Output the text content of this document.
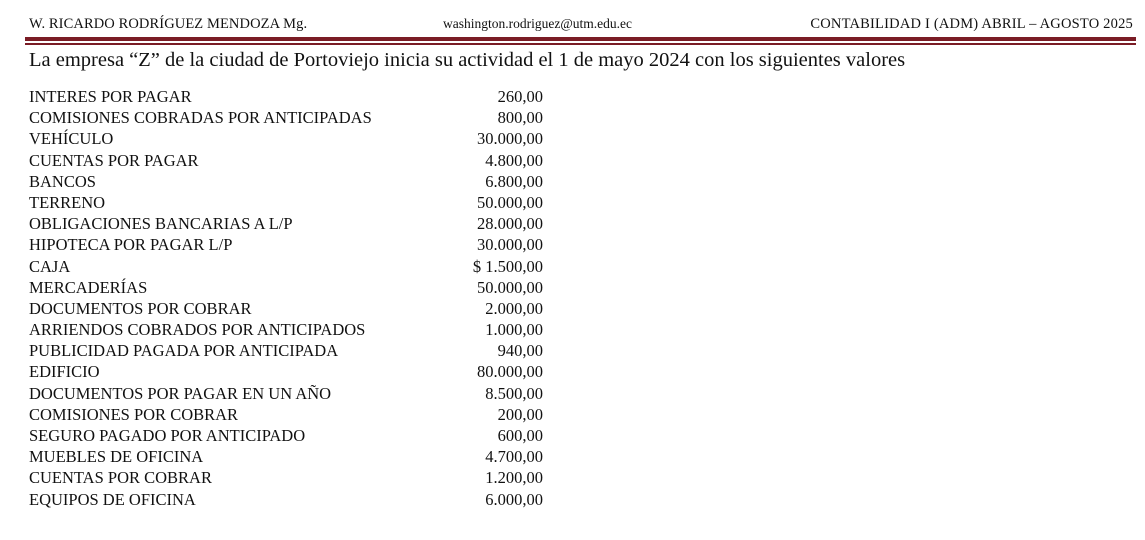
W. RICARDO RODRÍGUEZ MENDOZA Mg.	washington.rodriguez@utm.edu.ec	CONTABILIDAD I (ADM) ABRIL – AGOSTO 2025
La empresa “Z” de la ciudad de Portoviejo inicia su actividad el 1 de mayo 2024 con los siguientes valores
INTERES POR PAGAR	260,00
COMISIONES COBRADAS POR ANTICIPADAS	800,00
VEHÍCULO	30.000,00
CUENTAS POR PAGAR	4.800,00
BANCOS	6.800,00
TERRENO	50.000,00
OBLIGACIONES BANCARIAS A L/P	28.000,00
HIPOTECA POR PAGAR L/P	30.000,00
CAJA	$ 1.500,00
MERCADERÍAS	50.000,00
DOCUMENTOS POR COBRAR	2.000,00
ARRIENDOS COBRADOS POR ANTICIPADOS	1.000,00
PUBLICIDAD PAGADA POR ANTICIPADA	940,00
EDIFICIO	80.000,00
DOCUMENTOS POR PAGAR EN UN AÑO	8.500,00
COMISIONES POR COBRAR	200,00
SEGURO PAGADO POR ANTICIPADO	600,00
MUEBLES DE OFICINA	4.700,00
CUENTAS POR COBRAR	1.200,00
EQUIPOS DE OFICINA	6.000,00
